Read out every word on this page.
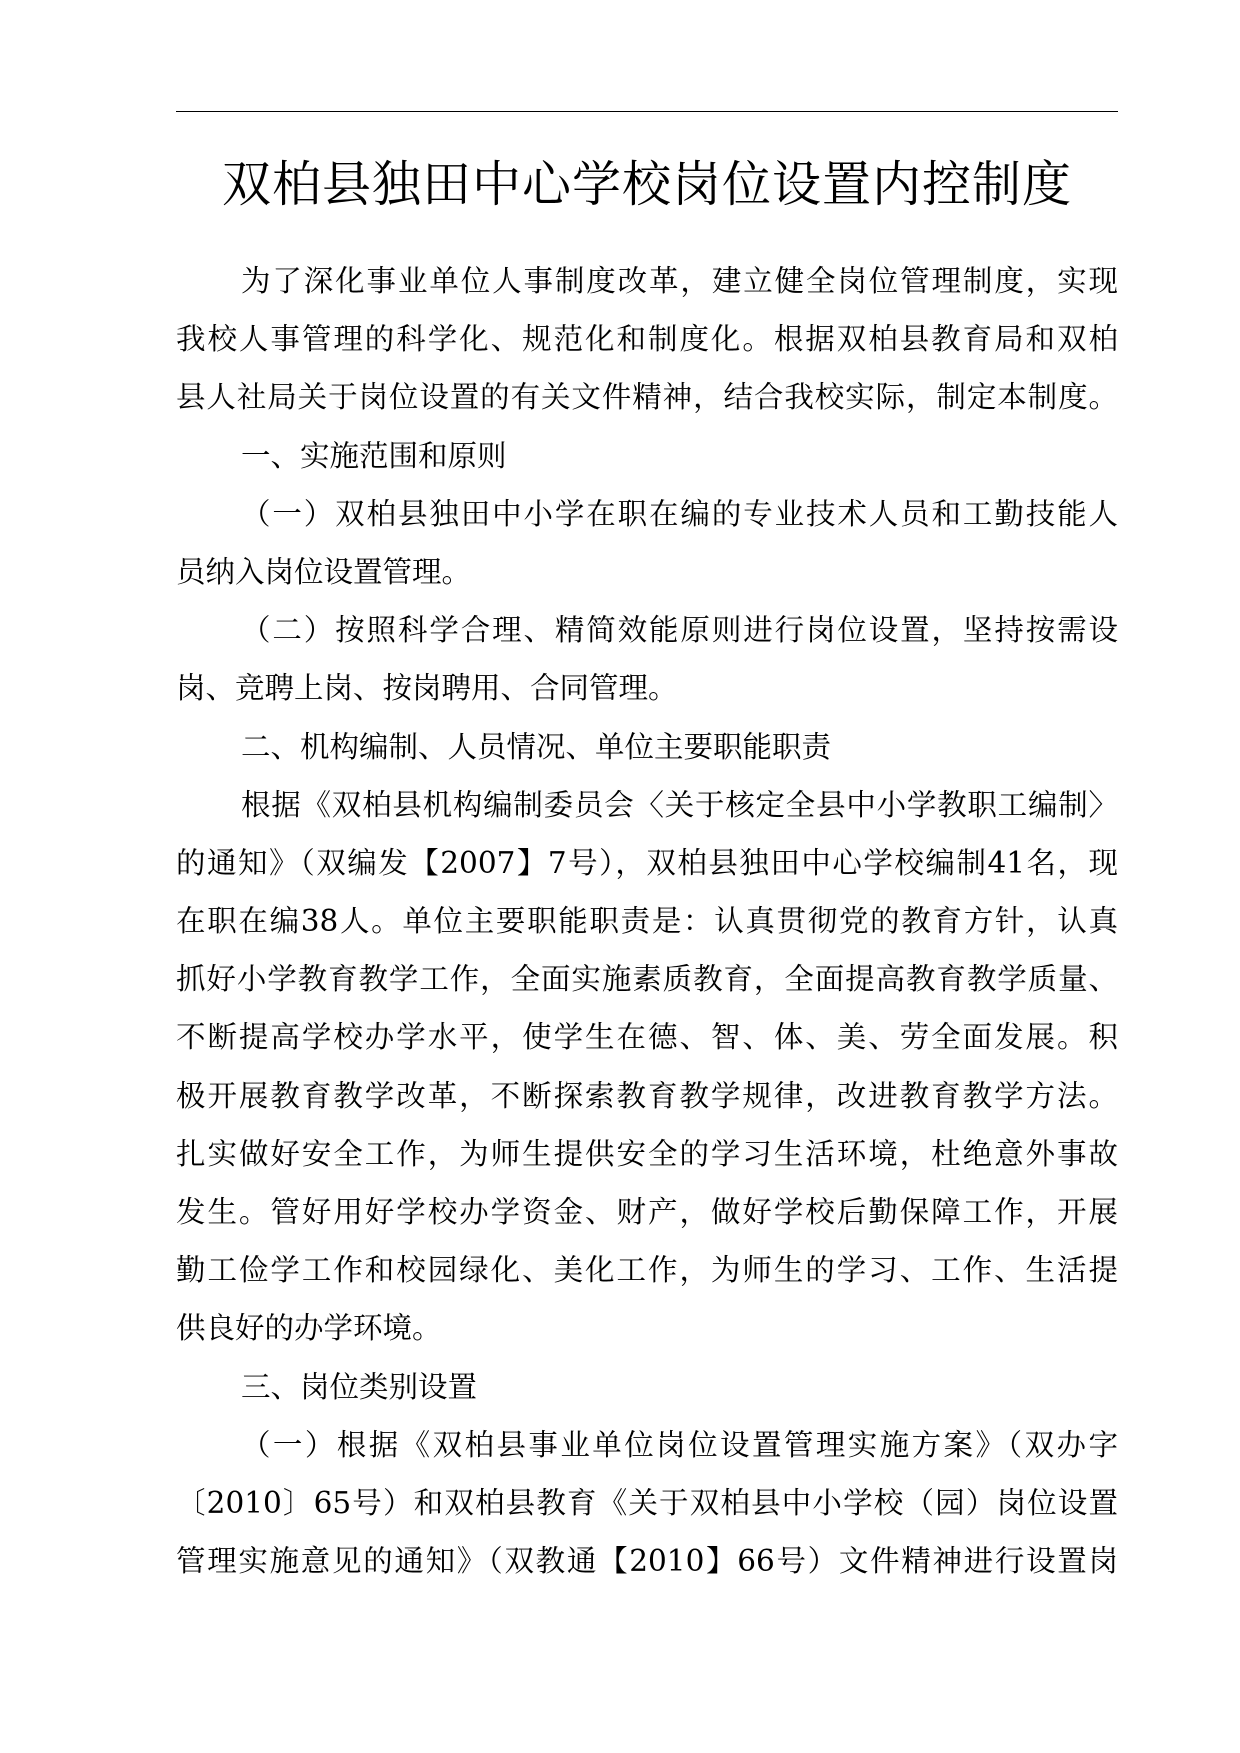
双柏县独田中心学校岗位设置内控制度
为了深化事业单位人事制度改革，建立健全岗位管理制度，实现
我校人事管理的科学化、规范化和制度化。根据双柏县教育局和双柏
县人社局关于岗位设置的有关文件精神，结合我校实际，制定本制度。
一、实施范围和原则
（一）双柏县独田中小学在职在编的专业技术人员和工勤技能人
员纳入岗位设置管理。
（二）按照科学合理、精简效能原则进行岗位设置，坚持按需设
岗、竞聘上岗、按岗聘用、合同管理。
二、机构编制、人员情况、单位主要职能职责
根据《双柏县机构编制委员会〈关于核定全县中小学教职工编制〉
的通知》（双编发【2007】7号），双柏县独田中心学校编制41名，现
在职在编38人。单位主要职能职责是：认真贯彻党的教育方针，认真
抓好小学教育教学工作，全面实施素质教育，全面提高教育教学质量、
不断提高学校办学水平，使学生在德、智、体、美、劳全面发展。积
极开展教育教学改革，不断探索教育教学规律，改进教育教学方法。
扎实做好安全工作，为师生提供安全的学习生活环境，杜绝意外事故
发生。管好用好学校办学资金、财产，做好学校后勤保障工作，开展
勤工俭学工作和校园绿化、美化工作，为师生的学习、工作、生活提
供良好的办学环境。
三、岗位类别设置
（一）根据《双柏县事业单位岗位设置管理实施方案》（双办字
〔2010〕65号）和双柏县教育《关于双柏县中小学校（园）岗位设置
管理实施意见的通知》（双教通【2010】66号）文件精神进行设置岗
